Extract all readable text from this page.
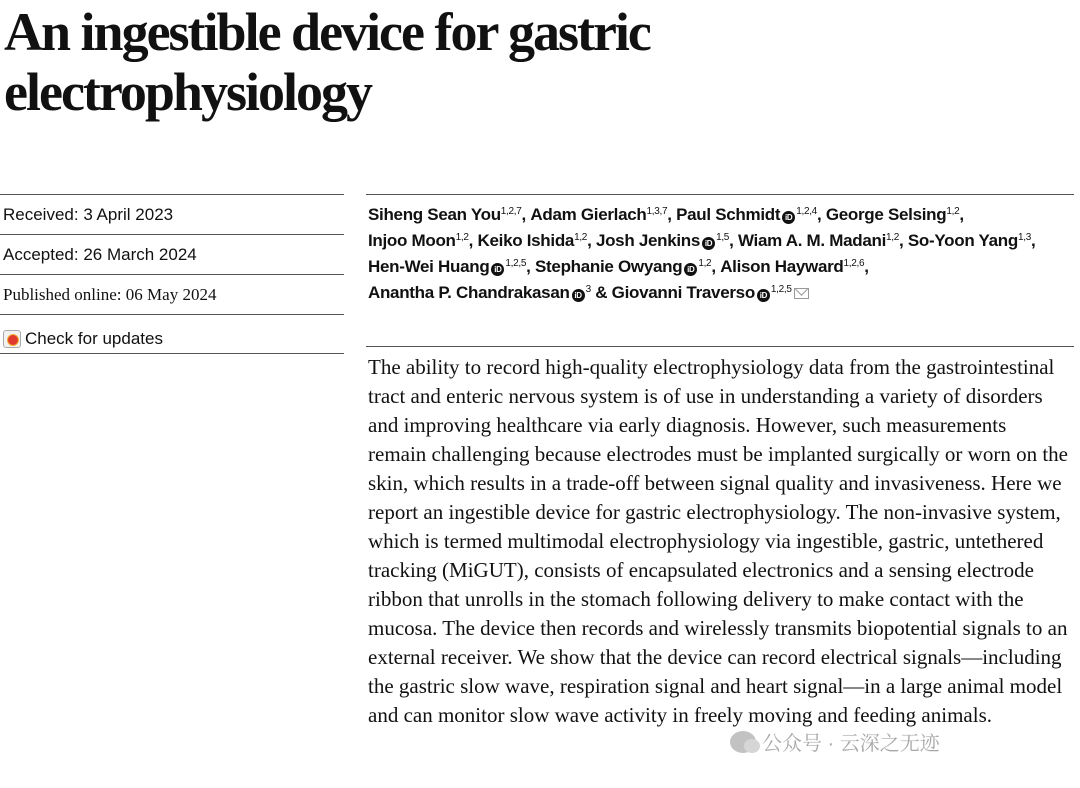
An ingestible device for gastric
electrophysiology
Received: 3 April 2023
Accepted: 26 March 2024
Published online: 06 May 2024
Check for updates
Siheng Sean You$^{1,2,7}$, Adam Gierlach$^{1,3,7}$, Paul Schmidt iD$^{1,2,4}$, George Selsing$^{1,2}$, Injoo Moon$^{1,2}$, Keiko Ishida$^{1,2}$, Josh Jenkins iD$^{1,5}$, Wiam A. M. Madani$^{1,2}$, So-Yoon Yang$^{1,3}$, Hen-Wei Huang iD$^{1,2,5}$, Stephanie Owyang iD$^{1,2}$, Alison Hayward$^{1,2,6}$, Anantha P. Chandrakasan $iD^3$ & Giovanni Traverso iD$^{1,2,5}$

The ability to record high-quality electrophysiology data from the gastrointestinal tract and enteric nervous system is of use in understanding a variety of disorders and improving healthcare via early diagnosis. However, such measurements remain challenging because electrodes must be implanted surgically or worn on the skin, which results in a trade-off between signal quality and invasiveness. Here we report an ingestible device for gastric electrophysiology. The non-invasive system, which is termed multimodal electrophysiology via ingestible, gastric, untethered tracking (MiGUT), consists of encapsulated electronics and a sensing electrode ribbon that unrolls in the stomach following delivery to make contact with the mucosa. The device then records and wirelessly transmits biopotential signals to an external receiver. We show that the device can record electrical signals—including the gastric slow wave, respiration signal and heart signal—in a large animal model and can monitor slow wave activity in freely moving and feeding animals.

公众号 · 云深之无迹
